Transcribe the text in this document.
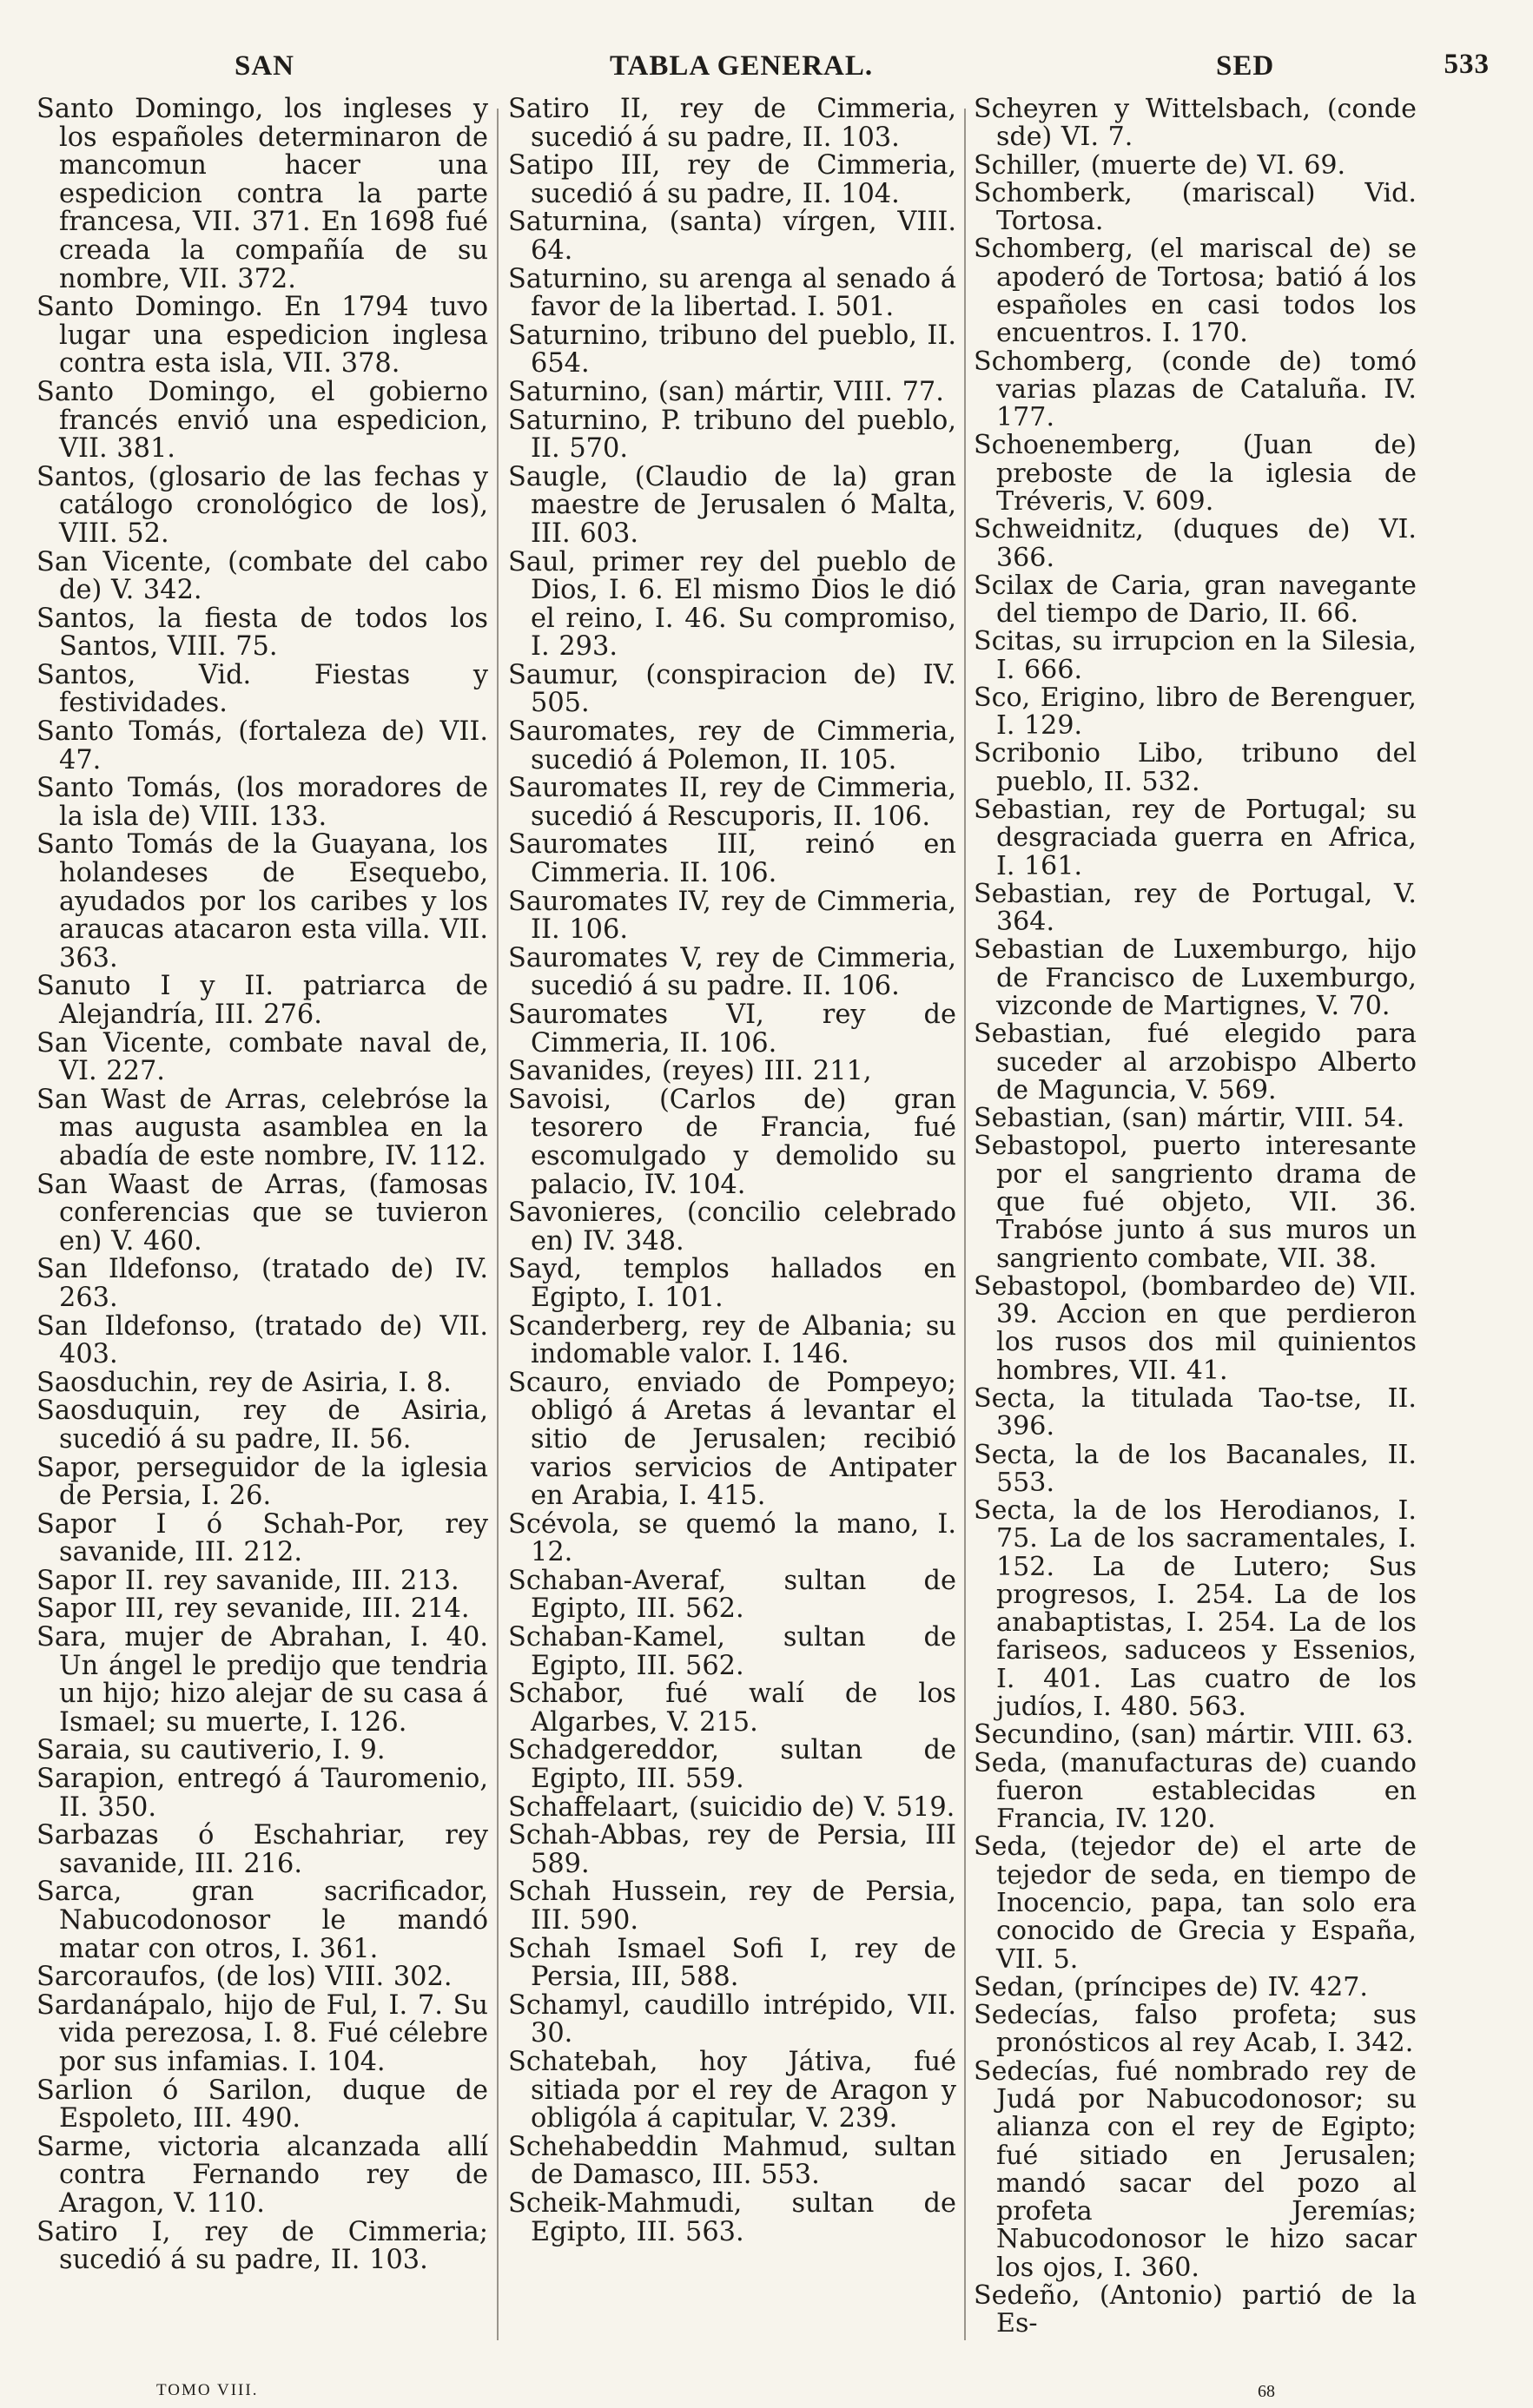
SAN	TABLA GENERAL.	SED	533

Santo Domingo, los ingleses y los españoles determinaron de mancomun hacer una espedicion contra la parte francesa, VII. 371. En 1698 fué creada la compañía de su nombre, VII. 372.

Santo Domingo. En 1794 tuvo lugar una espedicion inglesa contra esta isla, VII. 378.

Santo Domingo, el gobierno francés envió una espedicion, VII. 381.

Santos, (glosario de las fechas y catálogo cronológico de los), VIII. 52.

San Vicente, (combate del cabo de) V. 342.

Santos, la fiesta de todos los Santos, VIII. 75.

Santos, Vid. Fiestas y festividades.

Santo Tomás, (fortaleza de) VII. 47.

Santo Tomás, (los moradores de la isla de) VIII. 133.

Santo Tomás de la Guayana, los holandeses de Esequebo, ayudados por los caribes y los araucas atacaron esta villa. VII. 363.

Sanuto I y II. patriarca de Alejandría, III. 276.

San Vicente, combate naval de, VI. 227.

San Wast de Arras, celebróse la mas augusta asamblea en la abadía de este nombre, IV. 112.

San Waast de Arras, (famosas conferencias que se tuvieron en) V. 460.

San Ildefonso, (tratado de) IV. 263.

San Ildefonso, (tratado de) VII. 403.

Saosduchin, rey de Asiria, I. 8.

Saosduquin, rey de Asiria, sucedió á su padre, II. 56.

Sapor, perseguidor de la iglesia de Persia, I. 26.

Sapor I ó Schah-Por, rey savanide, III. 212.

Sapor II. rey savanide, III. 213.

Sapor III, rey sevanide, III. 214.

Sara, mujer de Abrahan, I. 40. Un ángel le predijo que tendria un hijo; hizo alejar de su casa á Ismael; su muerte, I. 126.

Saraia, su cautiverio, I. 9.

Sarapion, entregó á Tauromenio, II. 350.

Sarbazas ó Eschahriar, rey savanide, III. 216.

Sarca, gran sacrificador, Nabucodonosor le mandó matar con otros, I. 361.

Sarcoraufos, (de los) VIII. 302.

Sardanápalo, hijo de Ful, I. 7. Su vida perezosa, I. 8. Fué célebre por sus infamias. I. 104.

Sarlion ó Sarilon, duque de Espoleto, III. 490.

Sarme, victoria alcanzada allí contra Fernando rey de Aragon, V. 110.

Satiro I, rey de Cimmeria; sucedió á su padre, II. 103.

Satiro II, rey de Cimmeria, sucedió á su padre, II. 103.

Satipo III, rey de Cimmeria, sucedió á su padre, II. 104.

Saturnina, (santa) vírgen, VIII. 64.

Saturnino, su arenga al senado á favor de la libertad. I. 501.

Saturnino, tribuno del pueblo, II. 654.

Saturnino, (san) mártir, VIII. 77.

Saturnino, P. tribuno del pueblo, II. 570.

Saugle, (Claudio de la) gran maestre de Jerusalen ó Malta, III. 603.

Saul, primer rey del pueblo de Dios, I. 6. El mismo Dios le dió el reino, I. 46. Su compromiso, I. 293.

Saumur, (conspiracion de) IV. 505.

Sauromates, rey de Cimmeria, sucedió á Polemon, II. 105.

Sauromates II, rey de Cimmeria, sucedió á Rescuporis, II. 106.

Sauromates III, reinó en Cimmeria. II. 106.

Sauromates IV, rey de Cimmeria, II. 106.

Sauromates V, rey de Cimmeria, sucedió á su padre. II. 106.

Sauromates VI, rey de Cimmeria, II. 106.

Savanides, (reyes) III. 211,

Savoisi, (Carlos de) gran tesorero de Francia, fué escomulgado y demolido su palacio, IV. 104.

Savonieres, (concilio celebrado en) IV. 348.

Sayd, templos hallados en Egipto, I. 101.

Scanderberg, rey de Albania; su indomable valor. I. 146.

Scauro, enviado de Pompeyo; obligó á Aretas á levantar el sitio de Jerusalen; recibió varios servicios de Antipater en Arabia, I. 415.

Scévola, se quemó la mano, I. 12.

Schaban-Averaf, sultan de Egipto, III. 562.

Schaban-Kamel, sultan de Egipto, III. 562.

Schabor, fué walí de los Algarbes, V. 215.

Schadgereddor, sultan de Egipto, III. 559.

Schaffelaart, (suicidio de) V. 519.

Schah-Abbas, rey de Persia, III 589.

Schah Hussein, rey de Persia, III. 590.

Schah Ismael Sofi I, rey de Persia, III, 588.

Schamyl, caudillo intrépido, VII. 30.

Schatebah, hoy Játiva, fué sitiada por el rey de Aragon y obligóla á capitular, V. 239.

Schehabeddin Mahmud, sultan de Damasco, III. 553.

Scheik-Mahmudi, sultan de Egipto, III. 563.

Scheyren y Wittelsbach, (conde sde) VI. 7.

Schiller, (muerte de) VI. 69.

Schomberk, (mariscal) Vid. Tortosa.

Schomberg, (el mariscal de) se apoderó de Tortosa; batió á los españoles en casi todos los encuentros. I. 170.

Schomberg, (conde de) tomó varias plazas de Cataluña. IV. 177.

Schoenemberg, (Juan de) preboste de la iglesia de Tréveris, V. 609.

Schweidnitz, (duques de) VI. 366.

Scilax de Caria, gran navegante del tiempo de Dario, II. 66.

Scitas, su irrupcion en la Silesia, I. 666.

Sco, Erigino, libro de Berenguer, I. 129.

Scribonio Libo, tribuno del pueblo, II. 532.

Sebastian, rey de Portugal; su desgraciada guerra en Africa, I. 161.

Sebastian, rey de Portugal, V. 364.

Sebastian de Luxemburgo, hijo de Francisco de Luxemburgo, vizconde de Martignes, V. 70.

Sebastian, fué elegido para suceder al arzobispo Alberto de Maguncia, V. 569.

Sebastian, (san) mártir, VIII. 54.

Sebastopol, puerto interesante por el sangriento drama de que fué objeto, VII. 36. Trabóse junto á sus muros un sangriento combate, VII. 38.

Sebastopol, (bombardeo de) VII. 39. Accion en que perdieron los rusos dos mil quinientos hombres, VII. 41.

Secta, la titulada Tao-tse, II. 396.

Secta, la de los Bacanales, II. 553.

Secta, la de los Herodianos, I. 75. La de los sacramentales, I. 152. La de Lutero; Sus progresos, I. 254. La de los anabaptistas, I. 254. La de los fariseos, saduceos y Essenios, I. 401. Las cuatro de los judíos, I. 480. 563.

Secundino, (san) mártir. VIII. 63.

Seda, (manufacturas de) cuando fueron establecidas en Francia, IV. 120.

Seda, (tejedor de) el arte de tejedor de seda, en tiempo de Inocencio, papa, tan solo era conocido de Grecia y España, VII. 5.

Sedan, (príncipes de) IV. 427.

Sedecías, falso profeta; sus pronósticos al rey Acab, I. 342.

Sedecías, fué nombrado rey de Judá por Nabucodonosor; su alianza con el rey de Egipto; fué sitiado en Jerusalen; mandó sacar del pozo al profeta Jeremías; Nabucodonosor le hizo sacar los ojos, I. 360.

Sedeño, (Antonio) partió de la Es-

TOMO VIII.	68
